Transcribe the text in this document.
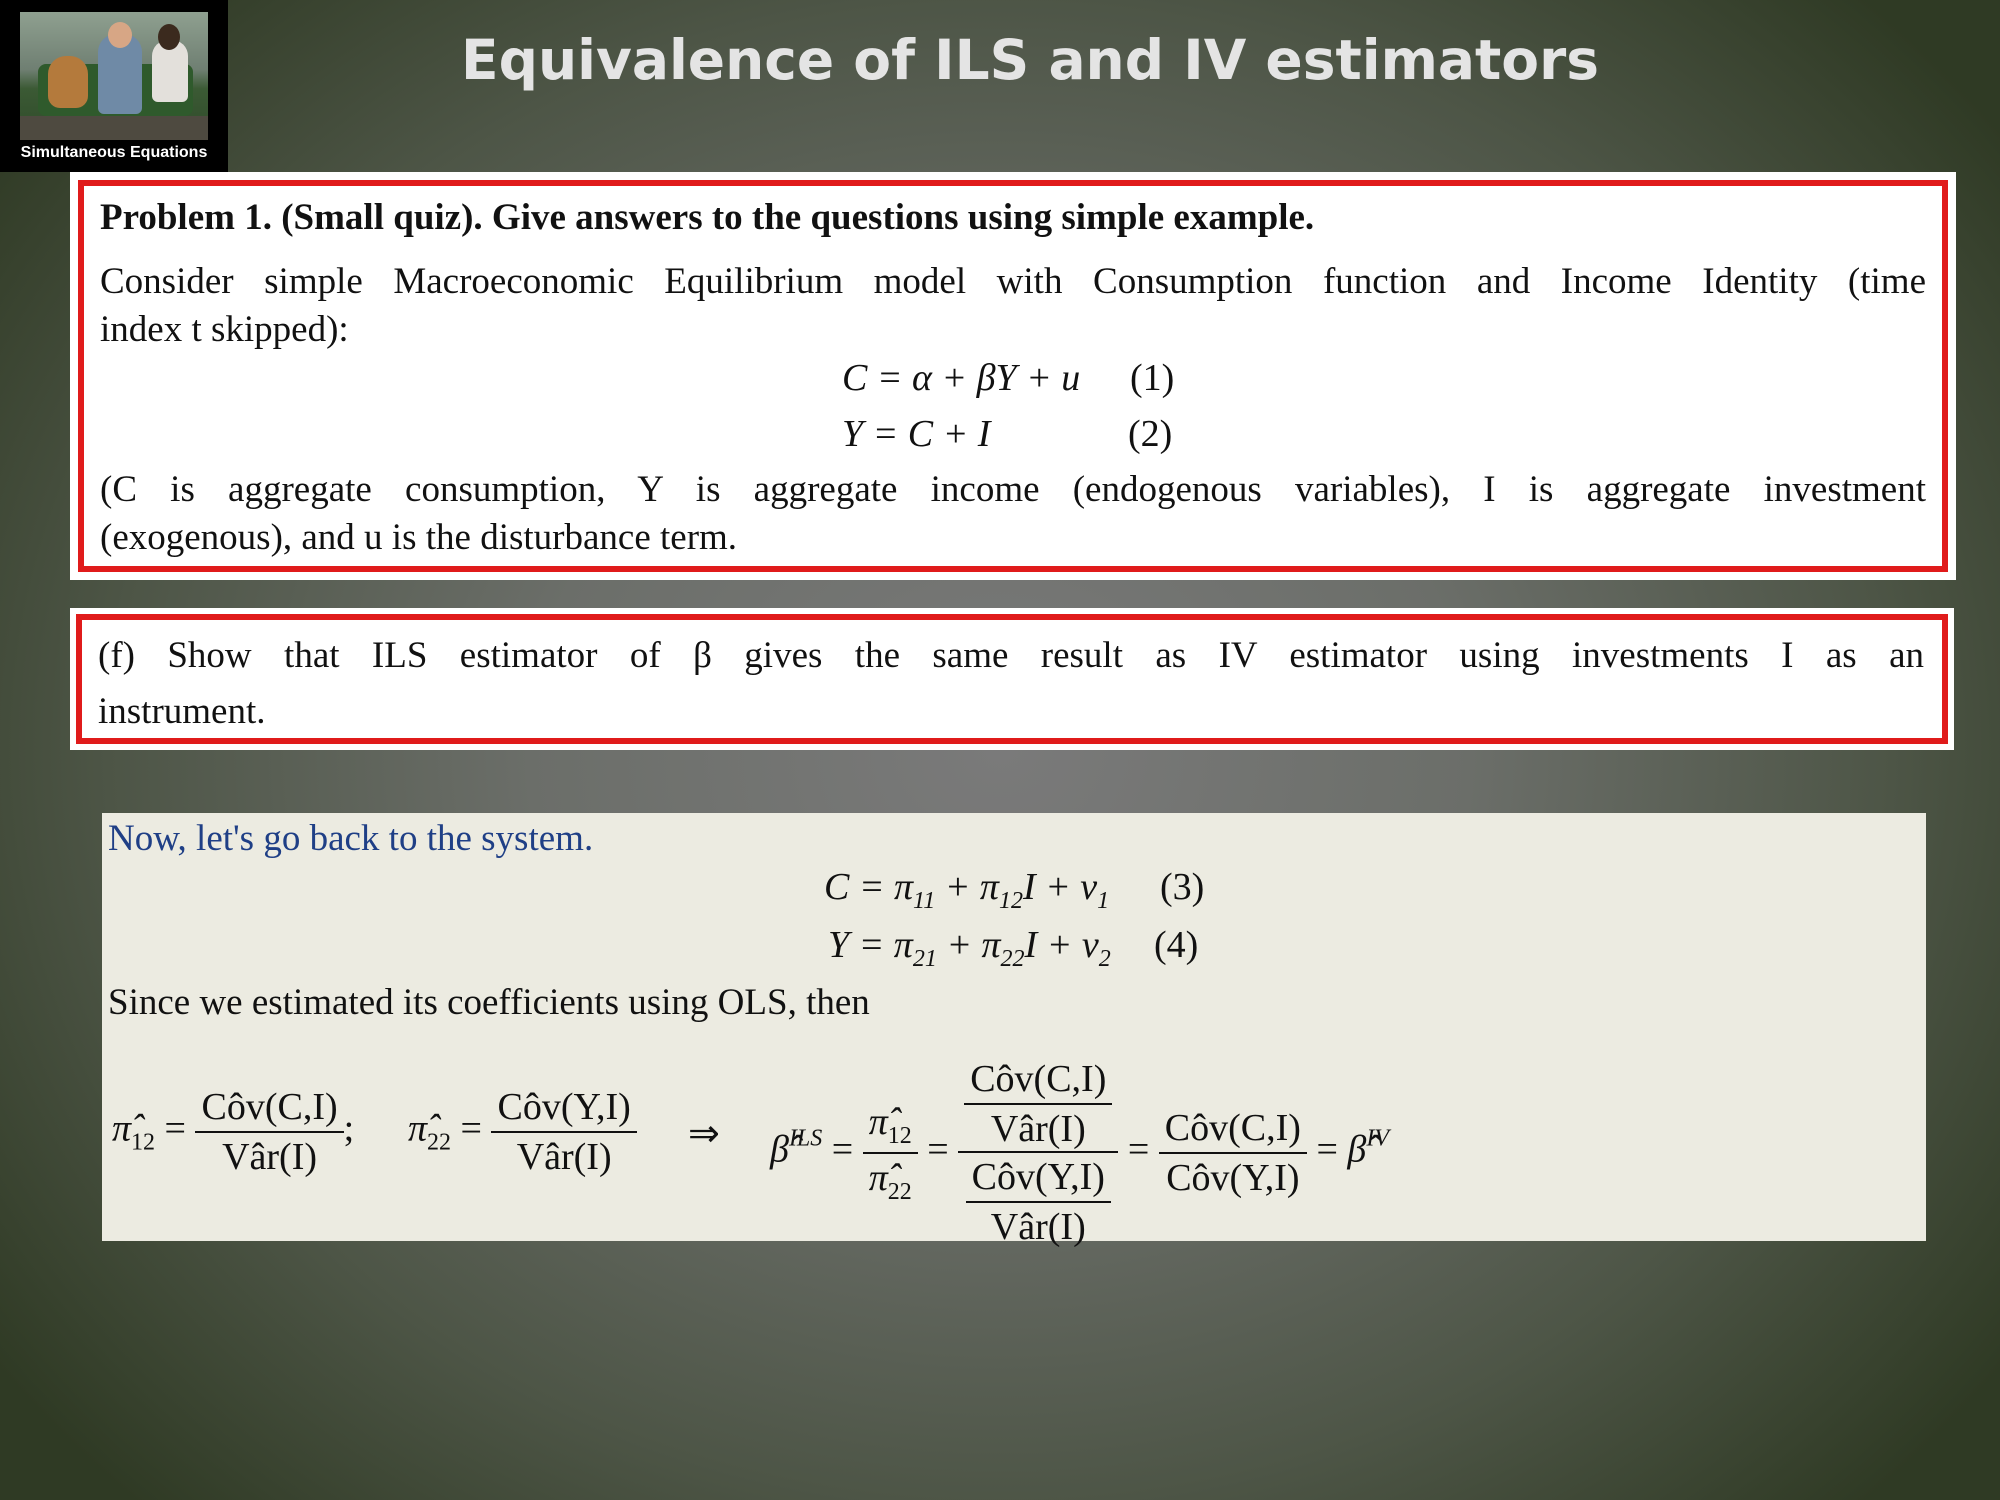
Simultaneous Equations
Equivalence of ILS and IV estimators
Problem 1. (Small quiz). Give answers to the questions using simple example.
Consider simple Macroeconomic Equilibrium model with Consumption function and Income Identity (time
index t skipped):
C = α + βY + u (1)
Y = C + I	(2)
(C is aggregate consumption, Y is aggregate income (endogenous variables), I is aggregate investment
(exogenous), and u is the disturbance term.
(f) Show that ILS estimator of β gives the same result as IV estimator using investments I as an
instrument.
Now, let's go back to the system.
$C = \pi_{11} + \pi_{12}I + v_1$ (3)
$Y = \pi_{21} + \pi_{22}I + v_2$ (4)
Since we estimated its coefficients using OLS, then
$\pî_{12} = \frac{\text{Côv(C,I)}}{\text{Vâr(I)}}$ ; $\pî_{22} = \frac{\text{Côv(Y,I)}}{\text{Vâr(I)}}$ ⇒ β̂$^{ILS}$ = $\frac{\pî_{12}}{\pî_{22}} = \frac{\frac{\text{Côv(C,I)}}{\text{Vâr(I)}}}{\frac{\text{Côv(Y,I)}}{\text{Vâr(I)}}} = \frac{\text{Côv(C,I)}}{\text{Côv(Y,I)}}$ = β̂$^{IV}$
